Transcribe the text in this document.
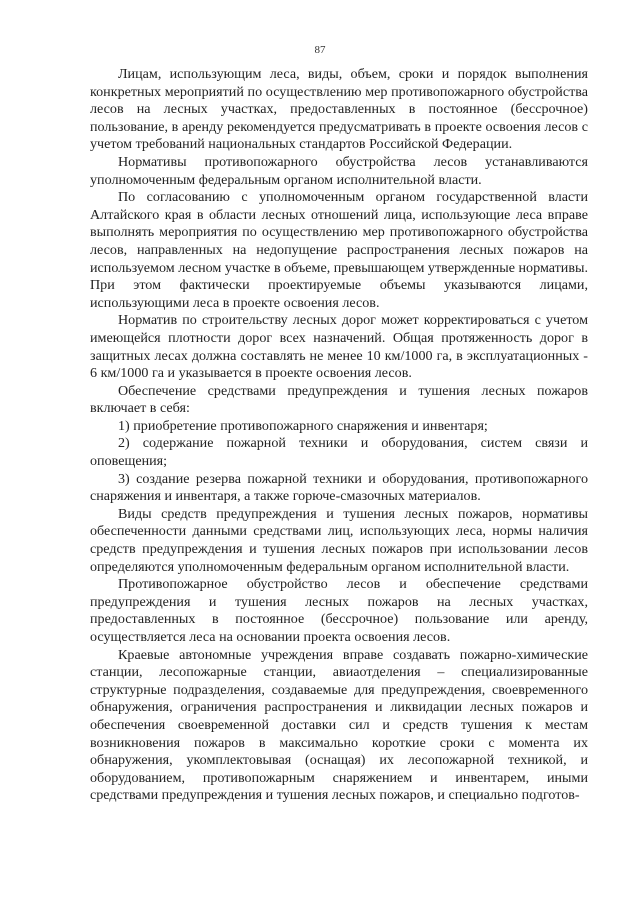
87

Лицам, использующим леса, виды, объем, сроки и порядок выполнения конкретных мероприятий по осуществлению мер противопожарного обустройства лесов на лесных участках, предоставленных в постоянное (бессрочное) пользование, в аренду рекомендуется предусматривать в проекте освоения лесов с учетом требований национальных стандартов Российской Федерации.

Нормативы противопожарного обустройства лесов устанавливаются уполномоченным федеральным органом исполнительной власти.

По согласованию с уполномоченным органом государственной власти Алтайского края в области лесных отношений лица, использующие леса вправе выполнять мероприятия по осуществлению мер противопожарного обустройства лесов, направленных на недопущение распространения лесных пожаров на используемом лесном участке в объеме, превышающем утвержденные нормативы. При этом фактически проектируемые объемы указываются лицами, использующими леса в проекте освоения лесов.

Норматив по строительству лесных дорог может корректироваться с учетом имеющейся плотности дорог всех назначений. Общая протяженность дорог в защитных лесах должна составлять не менее 10 км/1000 га, в эксплуатационных - 6 км/1000 га и указывается в проекте освоения лесов.

Обеспечение средствами предупреждения и тушения лесных пожаров включает в себя:

1) приобретение противопожарного снаряжения и инвентаря;

2) содержание пожарной техники и оборудования, систем связи и оповещения;

3) создание резерва пожарной техники и оборудования, противопожарного снаряжения и инвентаря, а также горюче-смазочных материалов.

Виды средств предупреждения и тушения лесных пожаров, нормативы обеспеченности данными средствами лиц, использующих леса, нормы наличия средств предупреждения и тушения лесных пожаров при использовании лесов определяются уполномоченным федеральным органом исполнительной власти.

Противопожарное обустройство лесов и обеспечение средствами предупреждения и тушения лесных пожаров на лесных участках, предоставленных в постоянное (бессрочное) пользование или аренду, осуществляется леса на основании проекта освоения лесов.

Краевые автономные учреждения вправе создавать пожарно-химические станции, лесопожарные станции, авиаотделения – специализированные структурные подразделения, создаваемые для предупреждения, своевременного обнаружения, ограничения распространения и ликвидации лесных пожаров и обеспечения своевременной доставки сил и средств тушения к местам возникновения пожаров в максимально короткие сроки с момента их обнаружения, укомплектовывая (оснащая) их лесопожарной техникой, и оборудованием, противопожарным снаряжением и инвентарем, иными средствами предупреждения и тушения лесных пожаров, и специально подготов-
